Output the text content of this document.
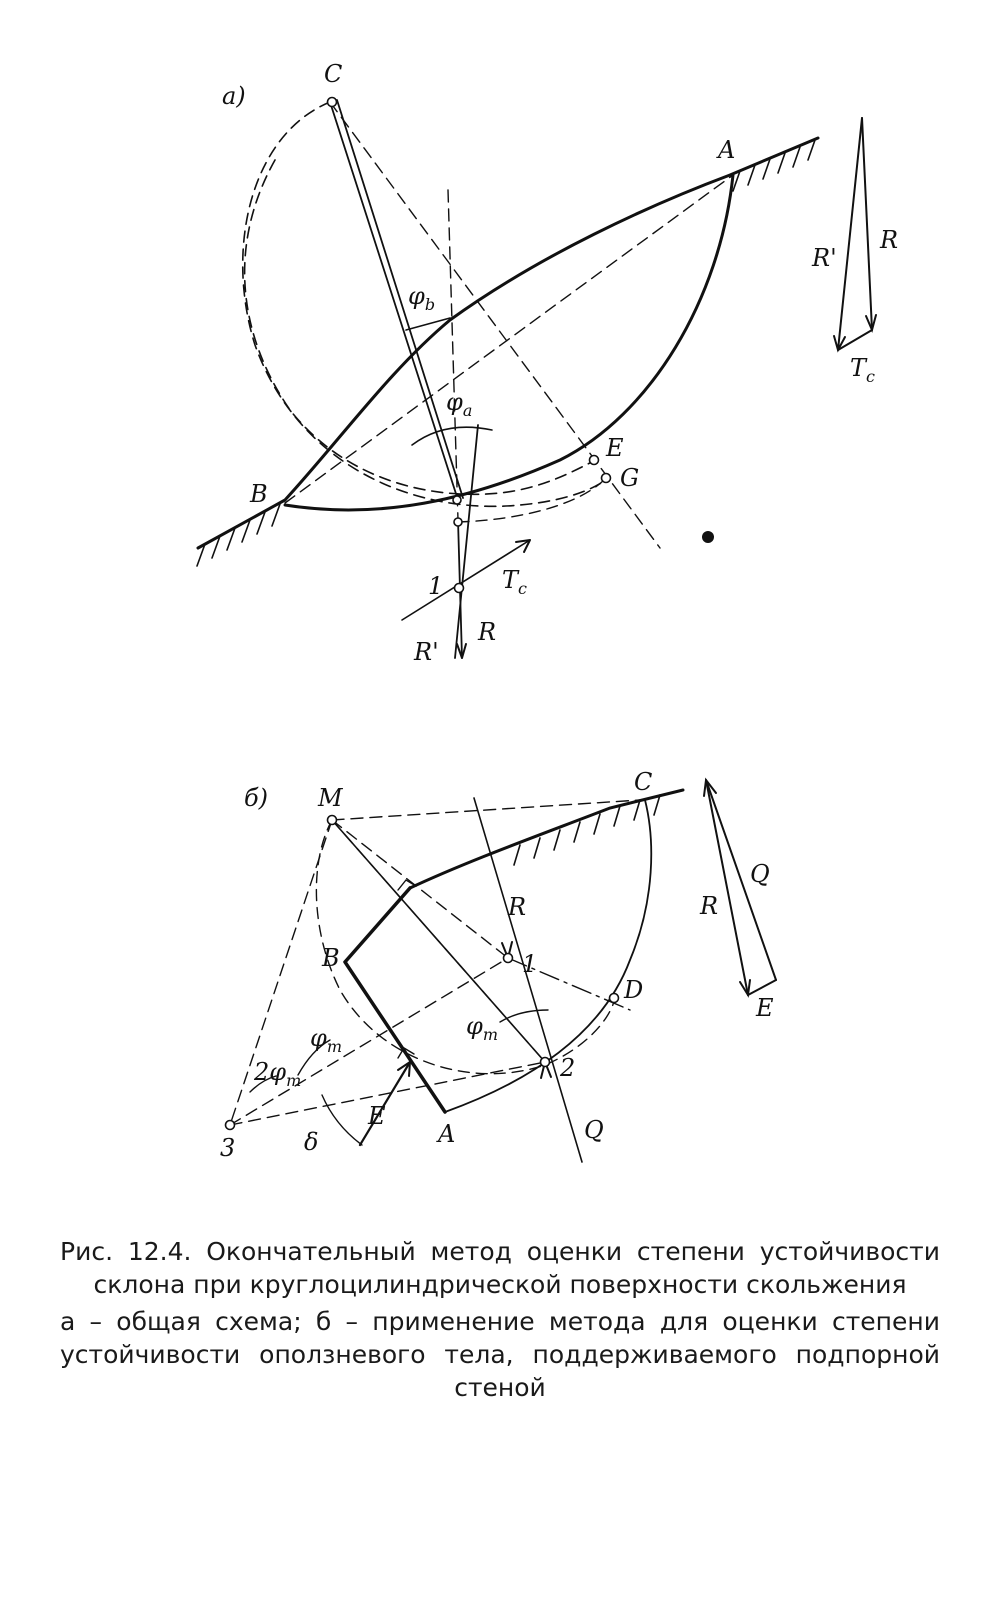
а)
C
A
B
E
G
1
$\varphi_b$
$\varphi_a$
$T_c$
R
R'
R
R'
$T_c$
б) M
C
B
A
D
1
2
3
R
Q
E
$\varphi_m$
$2\varphi_m$
δ
$\varphi_m$
Q
R
E

Рис. 12.4. Окончательный метод оценки степени устойчивости склона при круглоцилиндрической поверхности скольжения

а – общая схема; б – применение метода для оценки степени устойчивости оползневого тела, поддерживаемого подпорной стеной
